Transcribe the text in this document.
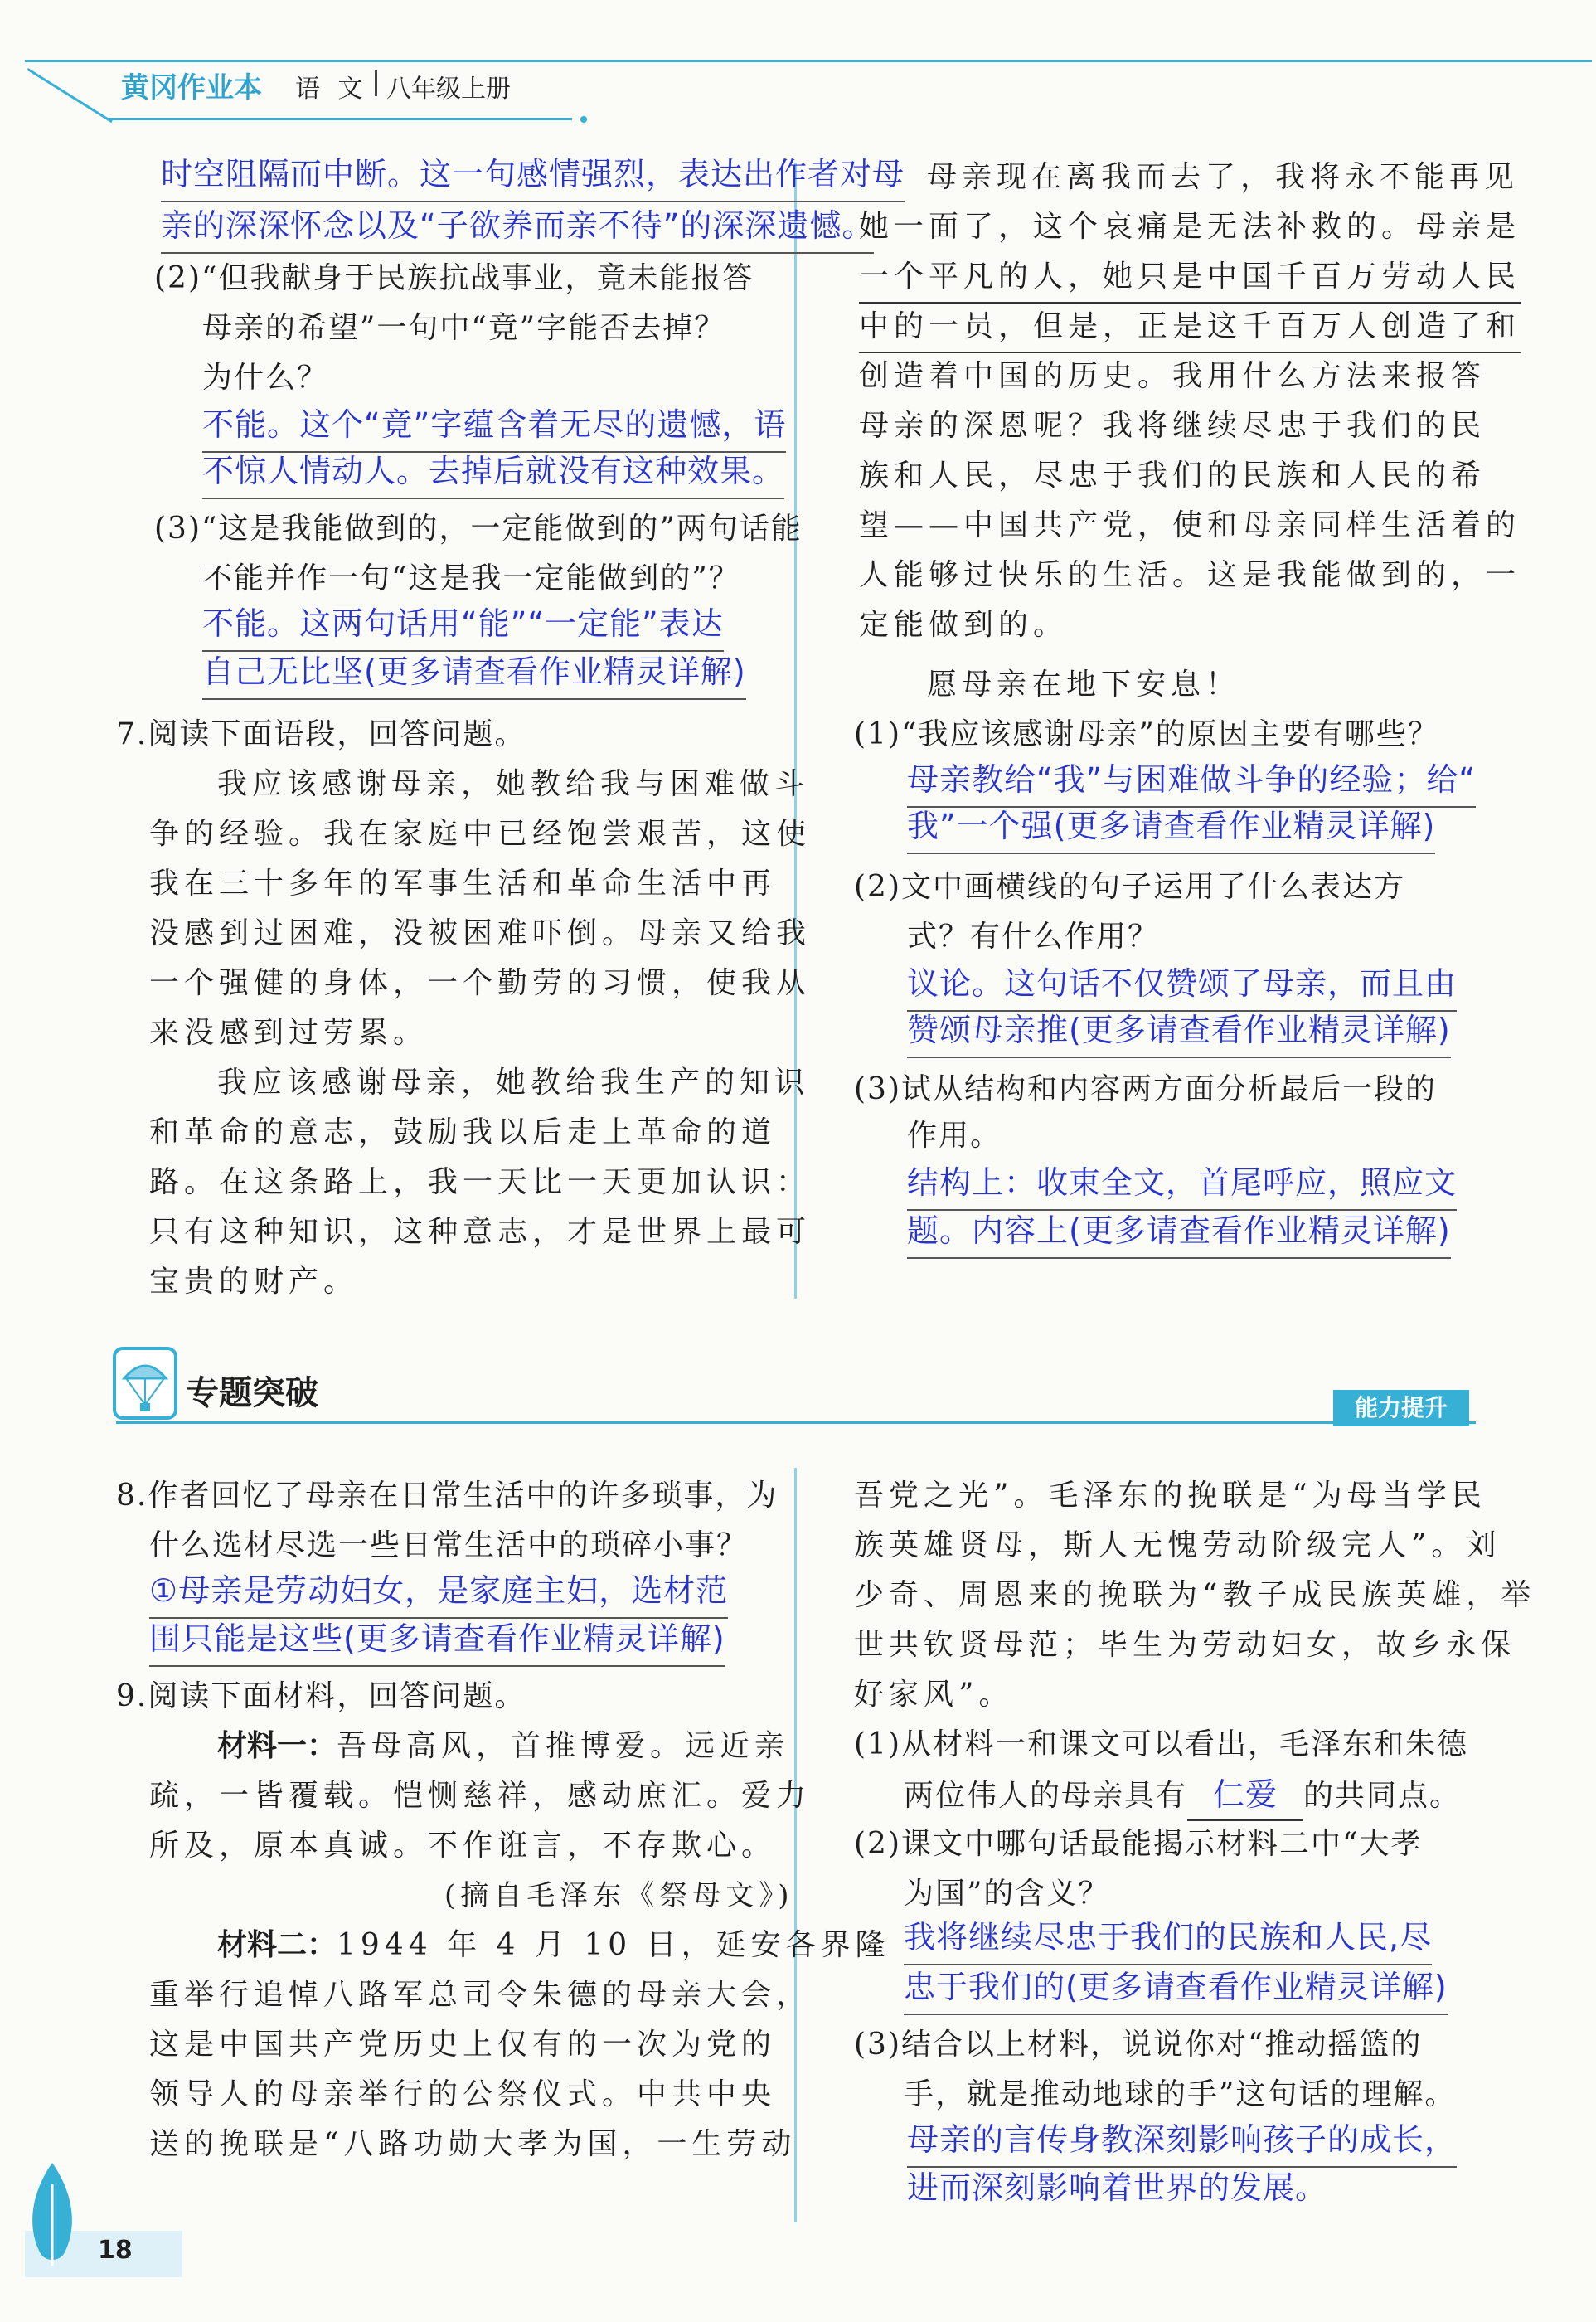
黄冈作业本 语 文 八年级上册
时空阻隔而中断。这一句感情强烈，表达出作者对母
亲的深深怀念以及“子欲养而亲不待”的深深遗憾。
(2)“但我献身于民族抗战事业，竟未能报答
母亲的希望”一句中“竟”字能否去掉？
为什么？
不能。这个“竟”字蕴含着无尽的遗憾，语
不惊人情动人。去掉后就没有这种效果。
(3)“这是我能做到的，一定能做到的”两句话能
不能并作一句“这是我一定能做到的”？
不能。这两句话用“能”“一定能”表达
自己无比坚(更多请查看作业精灵详解)
7.阅读下面语段，回答问题。
我应该感谢母亲，她教给我与困难做斗
争的经验。我在家庭中已经饱尝艰苦，这使
我在三十多年的军事生活和革命生活中再
没感到过困难，没被困难吓倒。母亲又给我
一个强健的身体，一个勤劳的习惯，使我从
来没感到过劳累。
我应该感谢母亲，她教给我生产的知识
和革命的意志，鼓励我以后走上革命的道
路。在这条路上，我一天比一天更加认识：
只有这种知识，这种意志，才是世界上最可
宝贵的财产。
母亲现在离我而去了，我将永不能再见
她一面了，这个哀痛是无法补救的。母亲是
一个平凡的人，她只是中国千百万劳动人民
中的一员，但是，正是这千百万人创造了和
创造着中国的历史。我用什么方法来报答
母亲的深恩呢？我将继续尽忠于我们的民
族和人民，尽忠于我们的民族和人民的希
望——中国共产党，使和母亲同样生活着的
人能够过快乐的生活。这是我能做到的，一
定能做到的。
愿母亲在地下安息！
(1)“我应该感谢母亲”的原因主要有哪些？
母亲教给“我”与困难做斗争的经验；给“
我”一个强(更多请查看作业精灵详解)
(2)文中画横线的句子运用了什么表达方
式？有什么作用？
议论。这句话不仅赞颂了母亲，而且由
赞颂母亲推(更多请查看作业精灵详解)
(3)试从结构和内容两方面分析最后一段的
作用。
结构上：收束全文，首尾呼应，照应文
题。内容上(更多请查看作业精灵详解)
专题突破	能力提升
8.作者回忆了母亲在日常生活中的许多琐事，为
什么选材尽选一些日常生活中的琐碎小事？
①母亲是劳动妇女，是家庭主妇，选材范
围只能是这些(更多请查看作业精灵详解)
9.阅读下面材料，回答问题。
材料一：吾母高风，首推博爱。远近亲
疏，一皆覆载。恺恻慈祥，感动庶汇。爱力
所及，原本真诚。不作诳言，不存欺心。
(摘自毛泽东《祭母文》)
材料二：1944 年 4 月 10 日，延安各界隆
重举行追悼八路军总司令朱德的母亲大会，
这是中国共产党历史上仅有的一次为党的
领导人的母亲举行的公祭仪式。中共中央
送的挽联是“八路功勋大孝为国，一生劳动
吾党之光”。毛泽东的挽联是“为母当学民
族英雄贤母，斯人无愧劳动阶级完人”。刘
少奇、周恩来的挽联为“教子成民族英雄，举
世共钦贤母范；毕生为劳动妇女，故乡永保
好家风”。
(1)从材料一和课文可以看出，毛泽东和朱德
两位伟人的母亲具有 仁爱 的共同点。
(2)课文中哪句话最能揭示材料二中“大孝
为国”的含义？
我将继续尽忠于我们的民族和人民,尽
忠于我们的(更多请查看作业精灵详解)
(3)结合以上材料，说说你对“推动摇篮的
手，就是推动地球的手”这句话的理解。
母亲的言传身教深刻影响孩子的成长，
进而深刻影响着世界的发展。
18
